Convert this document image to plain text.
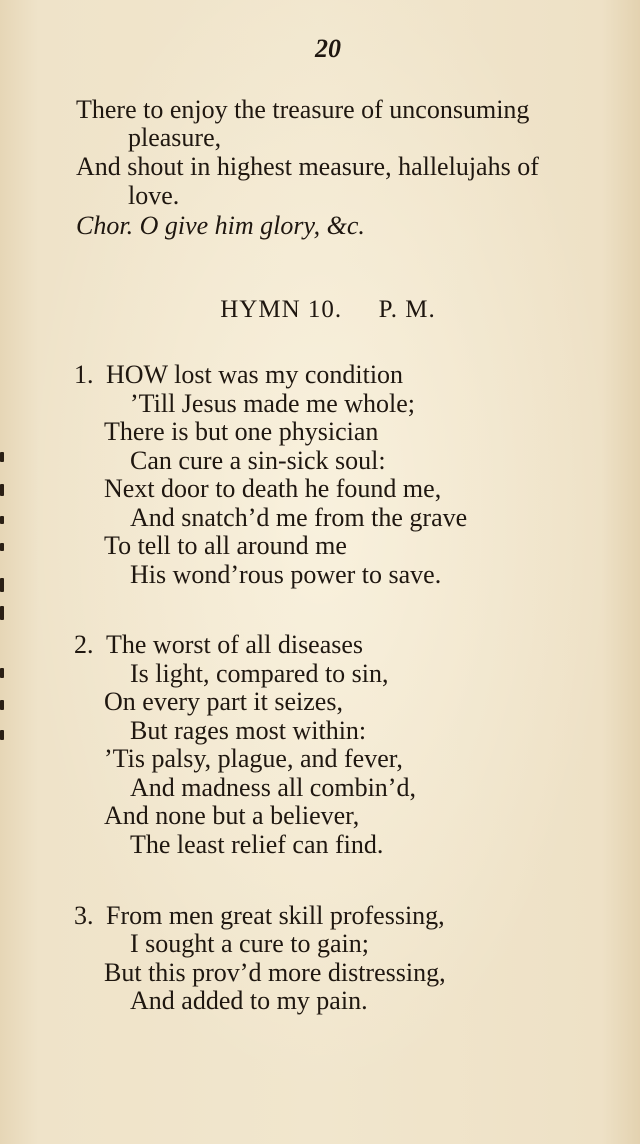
20
There to enjoy the treasure of unconsuming
pleasure,
And shout in highest measure, hallelujahs of
love.
Chor. O give him glory, &c.
HYMN 10. P. M.
1. HOW lost was my condition
’Till Jesus made me whole;
There is but one physician
Can cure a sin-sick soul:
Next door to death he found me,
And snatch’d me from the grave
To tell to all around me
His wond’rous power to save.
2. The worst of all diseases
Is light, compared to sin,
On every part it seizes,
But rages most within:
’Tis palsy, plague, and fever,
And madness all combin’d,
And none but a believer,
The least relief can find.
3. From men great skill professing,
I sought a cure to gain;
But this prov’d more distressing,
And added to my pain.
